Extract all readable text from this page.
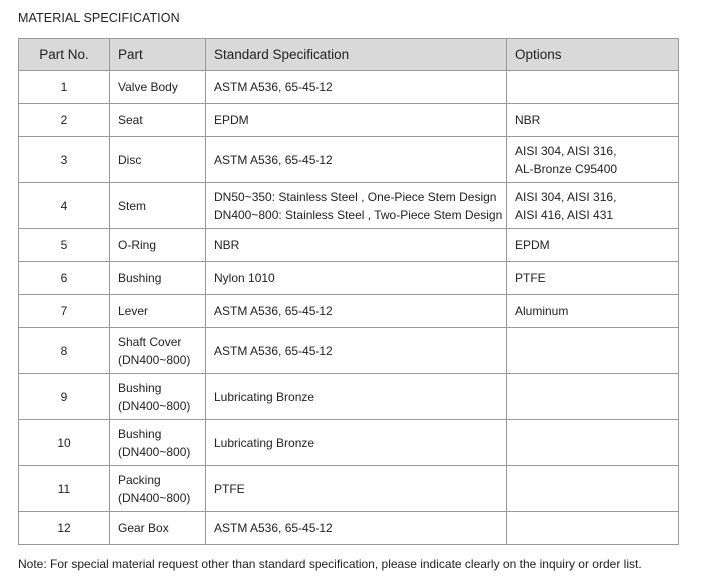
MATERIAL SPECIFICATION
Part No.	Part	Standard Specification	Options
1	Valve Body	ASTM A536, 65-45-12	

2	Seat	EPDM	NBR

3	Disc	ASTM A536, 65-45-12	AISI 304, AISI 316,
AL-Bronze C95400

4	Stem	DN50~350: Stainless Steel , One-Piece Stem Design
DN400~800: Stainless Steel , Two-Piece Stem Design	AISI 304, AISI 316,
AISI 416, AISI 431

5	O-Ring	NBR	EPDM

6	Bushing	Nylon 1010	PTFE

7	Lever	ASTM A536, 65-45-12	Aluminum

8	Shaft Cover
(DN400~800)	ASTM A536, 65-45-12	

9	Bushing
(DN400~800)	Lubricating Bronze	

10	Bushing
(DN400~800)	Lubricating Bronze	

11	Packing
(DN400~800)	PTFE	

12	Gear Box	ASTM A536, 65-45-12	

Note: For special material request other than standard specification, please indicate clearly on the inquiry or order list.
